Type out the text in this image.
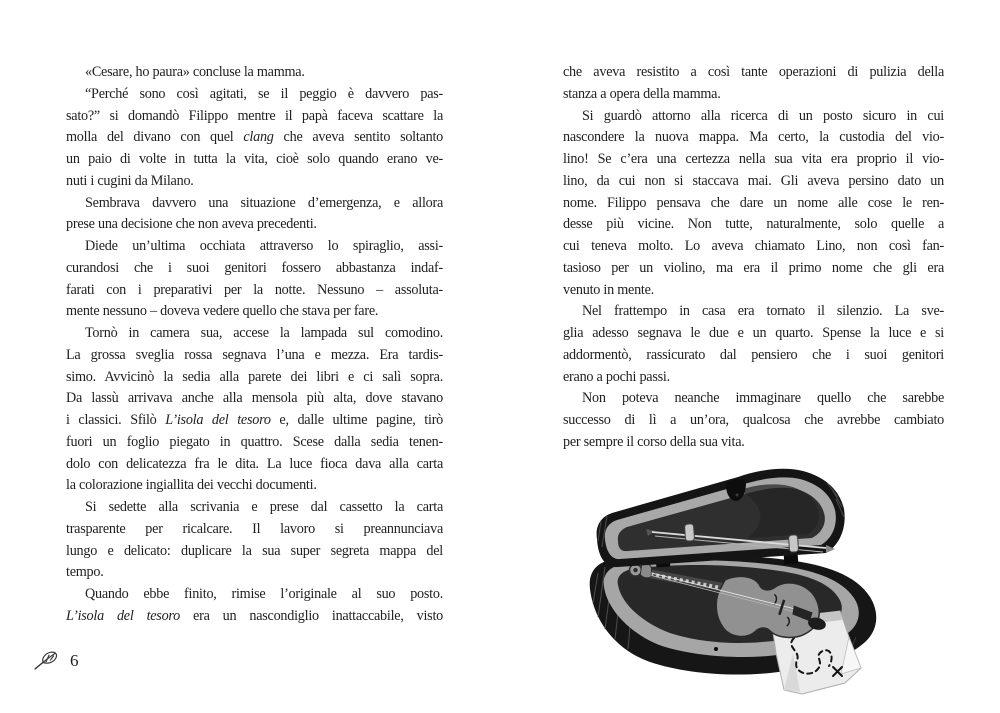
«Cesare, ho paura» concluse la mamma.
“Perché sono così agitati, se il peggio è davvero pas-
sato?” si domandò Filippo mentre il papà faceva scattare la
molla del divano con quel clang che aveva sentito soltanto
un paio di volte in tutta la vita, cioè solo quando erano ve-
nuti i cugini da Milano.
Sembrava davvero una situazione d’emergenza, e allora
prese una decisione che non aveva precedenti.
Diede un’ultima occhiata attraverso lo spiraglio, assi-
curandosi che i suoi genitori fossero abbastanza indaf-
farati con i preparativi per la notte. Nessuno – assoluta-
mente nessuno – doveva vedere quello che stava per fare.
Tornò in camera sua, accese la lampada sul comodino.
La grossa sveglia rossa segnava l’una e mezza. Era tardis-
simo. Avvicinò la sedia alla parete dei libri e ci salì sopra.
Da lassù arrivava anche alla mensola più alta, dove stavano
i classici. Sfilò L’isola del tesoro e, dalle ultime pagine, tirò
fuori un foglio piegato in quattro. Scese dalla sedia tenen-
dolo con delicatezza fra le dita. La luce fioca dava alla carta
la colorazione ingiallita dei vecchi documenti.
Si sedette alla scrivania e prese dal cassetto la carta
trasparente per ricalcare. Il lavoro si preannunciava
lungo e delicato: duplicare la sua super segreta mappa del
tempo.
Quando ebbe finito, rimise l’originale al suo posto.
L’isola del tesoro era un nascondiglio inattaccabile, visto
che aveva resistito a così tante operazioni di pulizia della
stanza a opera della mamma.
Si guardò attorno alla ricerca di un posto sicuro in cui
nascondere la nuova mappa. Ma certo, la custodia del vio-
lino! Se c’era una certezza nella sua vita era proprio il vio-
lino, da cui non si staccava mai. Gli aveva persino dato un
nome. Filippo pensava che dare un nome alle cose le ren-
desse più vicine. Non tutte, naturalmente, solo quelle a
cui teneva molto. Lo aveva chiamato Lino, non così fan-
tasioso per un violino, ma era il primo nome che gli era
venuto in mente.
Nel frattempo in casa era tornato il silenzio. La sve-
glia adesso segnava le due e un quarto. Spense la luce e si
addormentò, rassicurato dal pensiero che i suoi genitori
erano a pochi passi.
Non poteva neanche immaginare quello che sarebbe
successo di lì a un’ora, qualcosa che avrebbe cambiato
per sempre il corso della sua vita.
6
